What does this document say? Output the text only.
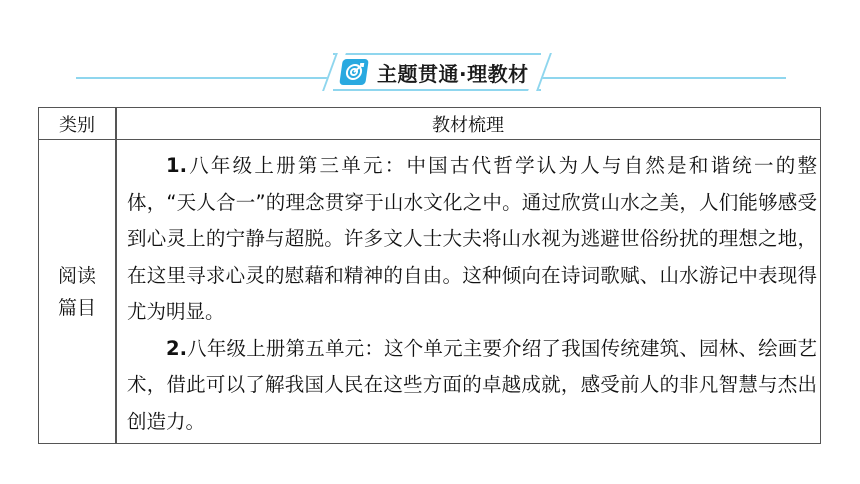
主题贯通·理教材
类别	教材梳理
阅读篇目

1.八年级上册第三单元：中国古代哲学认为人与自然是和谐统一的整体，“天人合一”的理念贯穿于山水文化之中。通过欣赏山水之美，人们能够感受到心灵上的宁静与超脱。许多文人士大夫将山水视为逃避世俗纷扰的理想之地，在这里寻求心灵的慰藉和精神的自由。这种倾向在诗词歌赋、山水游记中表现得尤为明显。

2.八年级上册第五单元：这个单元主要介绍了我国传统建筑、园林、绘画艺术，借此可以了解我国人民在这些方面的卓越成就，感受前人的非凡智慧与杰出创造力。
